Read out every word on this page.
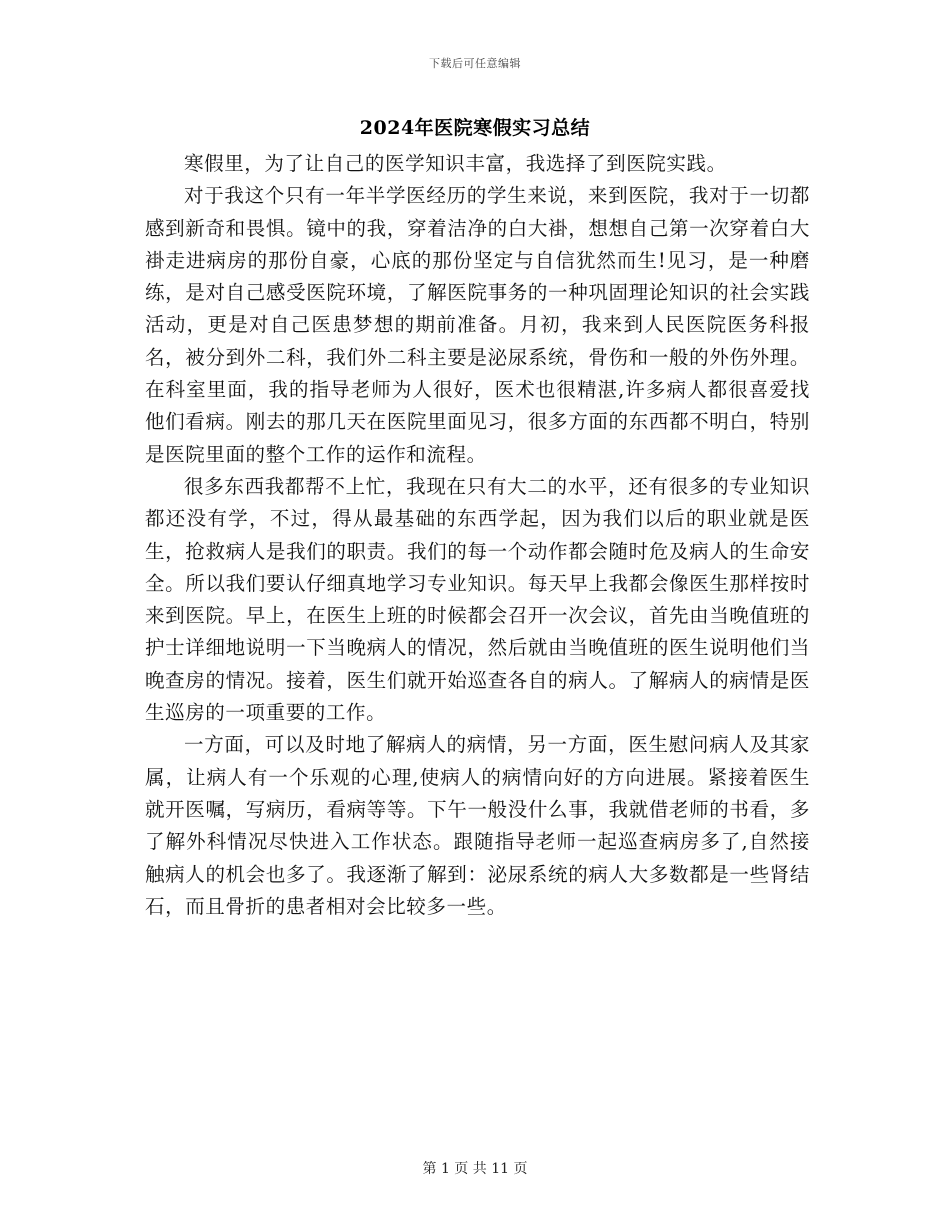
下载后可任意编辑
2024年医院寒假实习总结

寒假里，为了让自己的医学知识丰富，我选择了到医院实践。

对于我这个只有一年半学医经历的学生来说，来到医院，我对于一切都感到新奇和畏惧。镜中的我，穿着洁净的白大褂，想想自己第一次穿着白大褂走进病房的那份自豪，心底的那份坚定与自信犹然而生!见习，是一种磨练，是对自己感受医院环境，了解医院事务的一种巩固理论知识的社会实践活动，更是对自己医患梦想的期前准备。月初，我来到人民医院医务科报名，被分到外二科，我们外二科主要是泌尿系统，骨伤和一般的外伤外理。在科室里面，我的指导老师为人很好，医术也很精湛,许多病人都很喜爱找他们看病。刚去的那几天在医院里面见习，很多方面的东西都不明白，特别是医院里面的整个工作的运作和流程。

很多东西我都帮不上忙，我现在只有大二的水平，还有很多的专业知识都还没有学，不过，得从最基础的东西学起，因为我们以后的职业就是医生，抢救病人是我们的职责。我们的每一个动作都会随时危及病人的生命安全。所以我们要认仔细真地学习专业知识。每天早上我都会像医生那样按时来到医院。早上，在医生上班的时候都会召开一次会议，首先由当晚值班的护士详细地说明一下当晚病人的情况，然后就由当晚值班的医生说明他们当晚查房的情况。接着，医生们就开始巡查各自的病人。了解病人的病情是医生巡房的一项重要的工作。

一方面，可以及时地了解病人的病情，另一方面，医生慰问病人及其家属，让病人有一个乐观的心理,使病人的病情向好的方向进展。紧接着医生就开医嘱，写病历，看病等等。下午一般没什么事，我就借老师的书看，多了解外科情况尽快进入工作状态。跟随指导老师一起巡查病房多了,自然接触病人的机会也多了。我逐渐了解到：泌尿系统的病人大多数都是一些肾结石，而且骨折的患者相对会比较多一些。

第 1 页 共 11 页
